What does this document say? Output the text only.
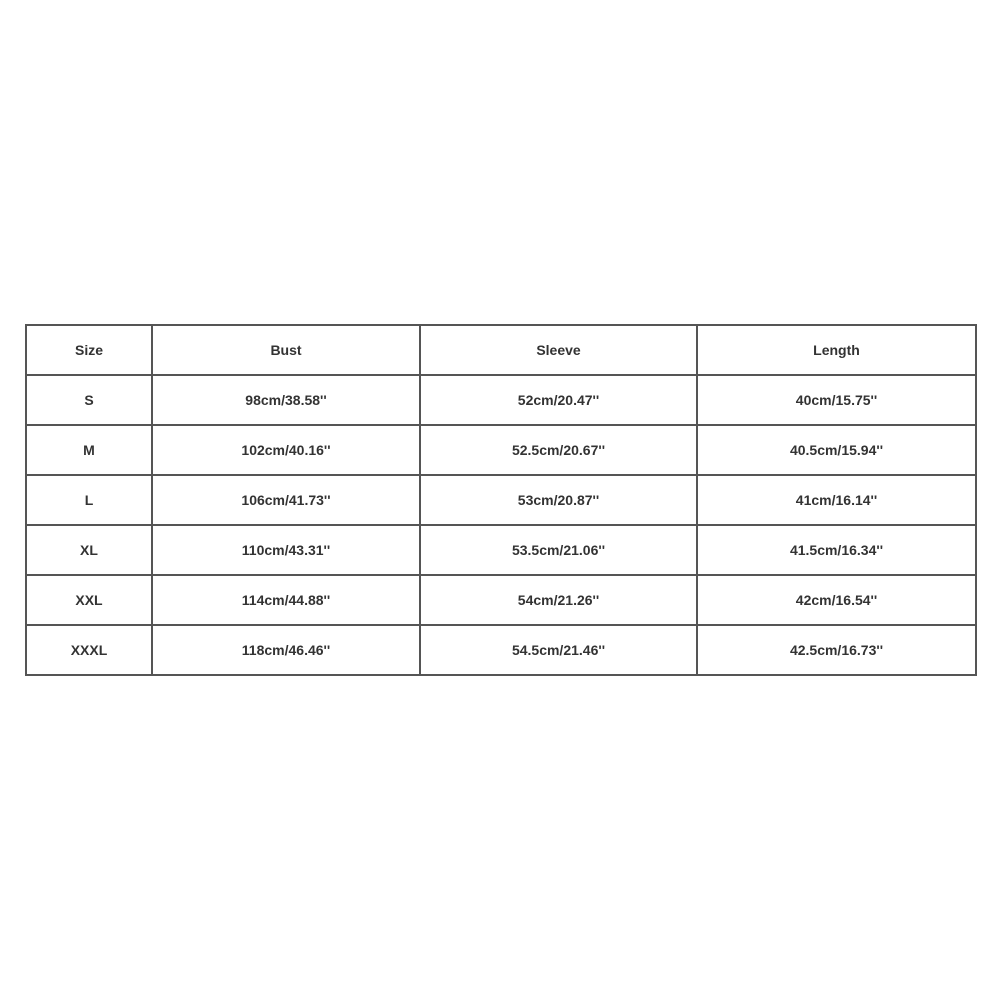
Size	Bust	Sleeve	Length
S	98cm/38.58''	52cm/20.47''	40cm/15.75''
M	102cm/40.16''	52.5cm/20.67''	40.5cm/15.94''
L	106cm/41.73''	53cm/20.87''	41cm/16.14''
XL	110cm/43.31''	53.5cm/21.06''	41.5cm/16.34''
XXL	114cm/44.88''	54cm/21.26''	42cm/16.54''
XXXL	118cm/46.46''	54.5cm/21.46''	42.5cm/16.73''
